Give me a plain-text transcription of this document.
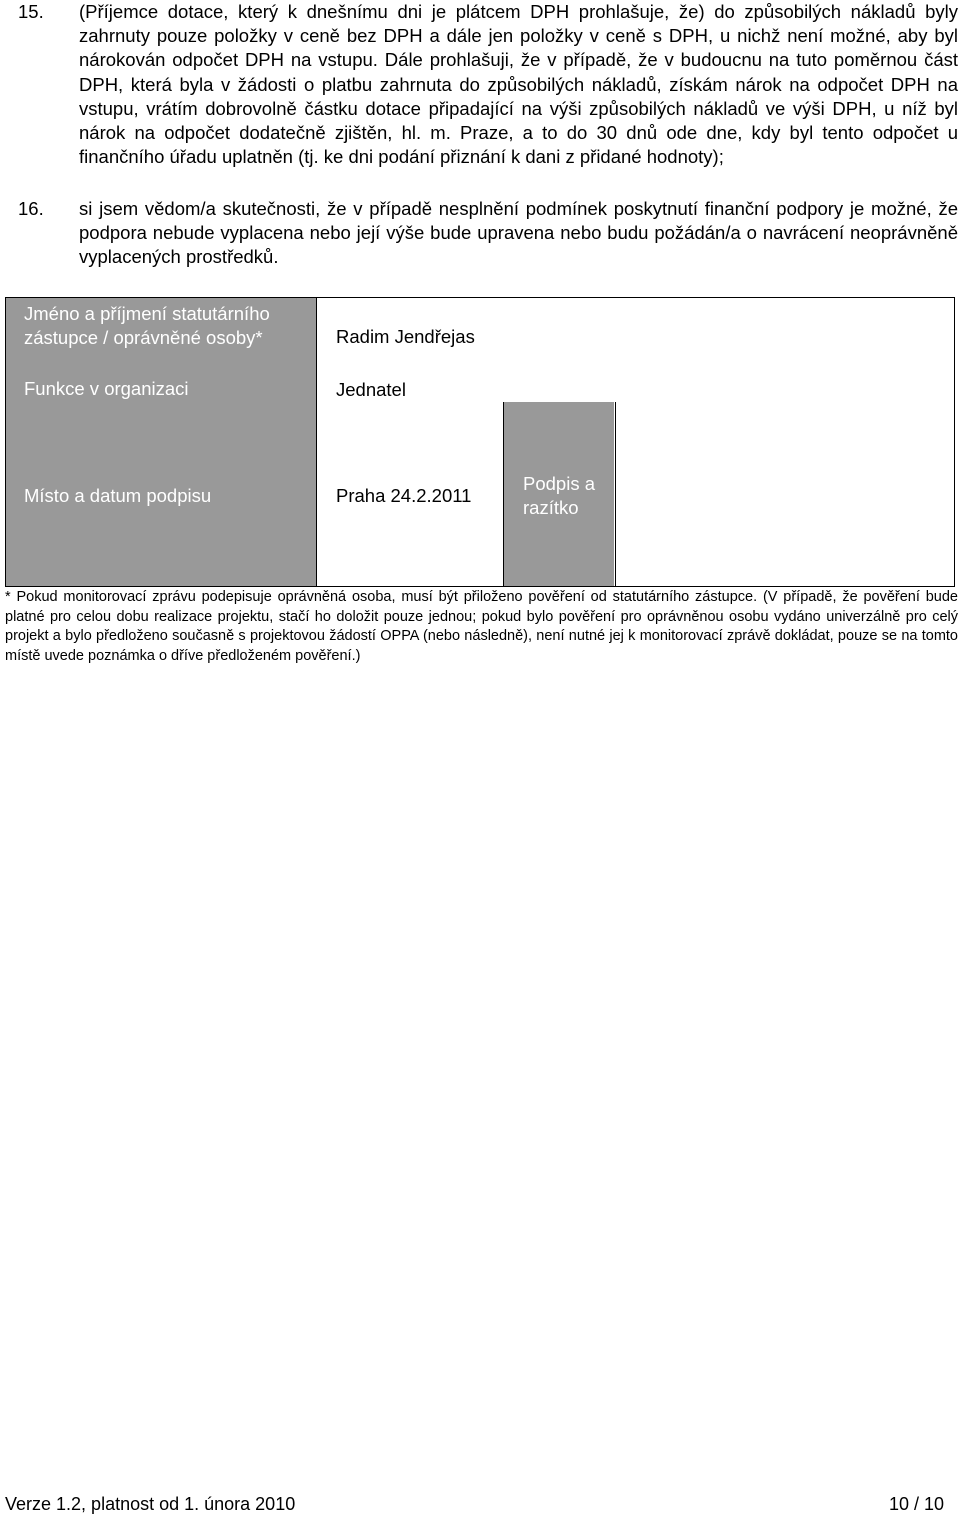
15. (Příjemce dotace, který k dnešnímu dni je plátcem DPH prohlašuje, že) do způsobilých nákladů byly zahrnuty pouze položky v ceně bez DPH a dále jen položky v ceně s DPH, u nichž není možné, aby byl nárokován odpočet DPH na vstupu. Dále prohlašuji, že v případě, že v budoucnu na tuto poměrnou část DPH, která byla v žádosti o platbu zahrnuta do způsobilých nákladů, získám nárok na odpočet DPH na vstupu, vrátím dobrovolně částku dotace připadající na výši způsobilých nákladů ve výši DPH, u níž byl nárok na odpočet dodatečně zjištěn, hl. m. Praze, a to do 30 dnů ode dne, kdy byl tento odpočet u finančního úřadu uplatněn (tj. ke dni podání přiznání k dani z přidané hodnoty);
16. si jsem vědom/a skutečnosti, že v případě nesplnění podmínek poskytnutí finanční podpory je možné, že podpora nebude vyplacena nebo její výše bude upravena nebo budu požádán/a o navrácení neoprávněně vyplacených prostředků.
Jméno a příjmení statutárního zástupce / oprávněné osoby*	Radim Jendřejas
Funkce v organizaci	Jednatel
Místo a datum podpisu	Praha 24.2.2011
Podpis a razítko
* Pokud monitorovací zprávu podepisuje oprávněná osoba, musí být přiloženo pověření od statutárního zástupce. (V případě, že pověření bude platné pro celou dobu realizace projektu, stačí ho doložit pouze jednou; pokud bylo pověření pro oprávněnou osobu vydáno univerzálně pro celý projekt a bylo předloženo současně s projektovou žádostí OPPA (nebo následně), není nutné jej k monitorovací zprávě dokládat, pouze se na tomto místě uvede poznámka o dříve předloženém pověření.)
Verze 1.2, platnost od 1. února 2010	10 / 10
